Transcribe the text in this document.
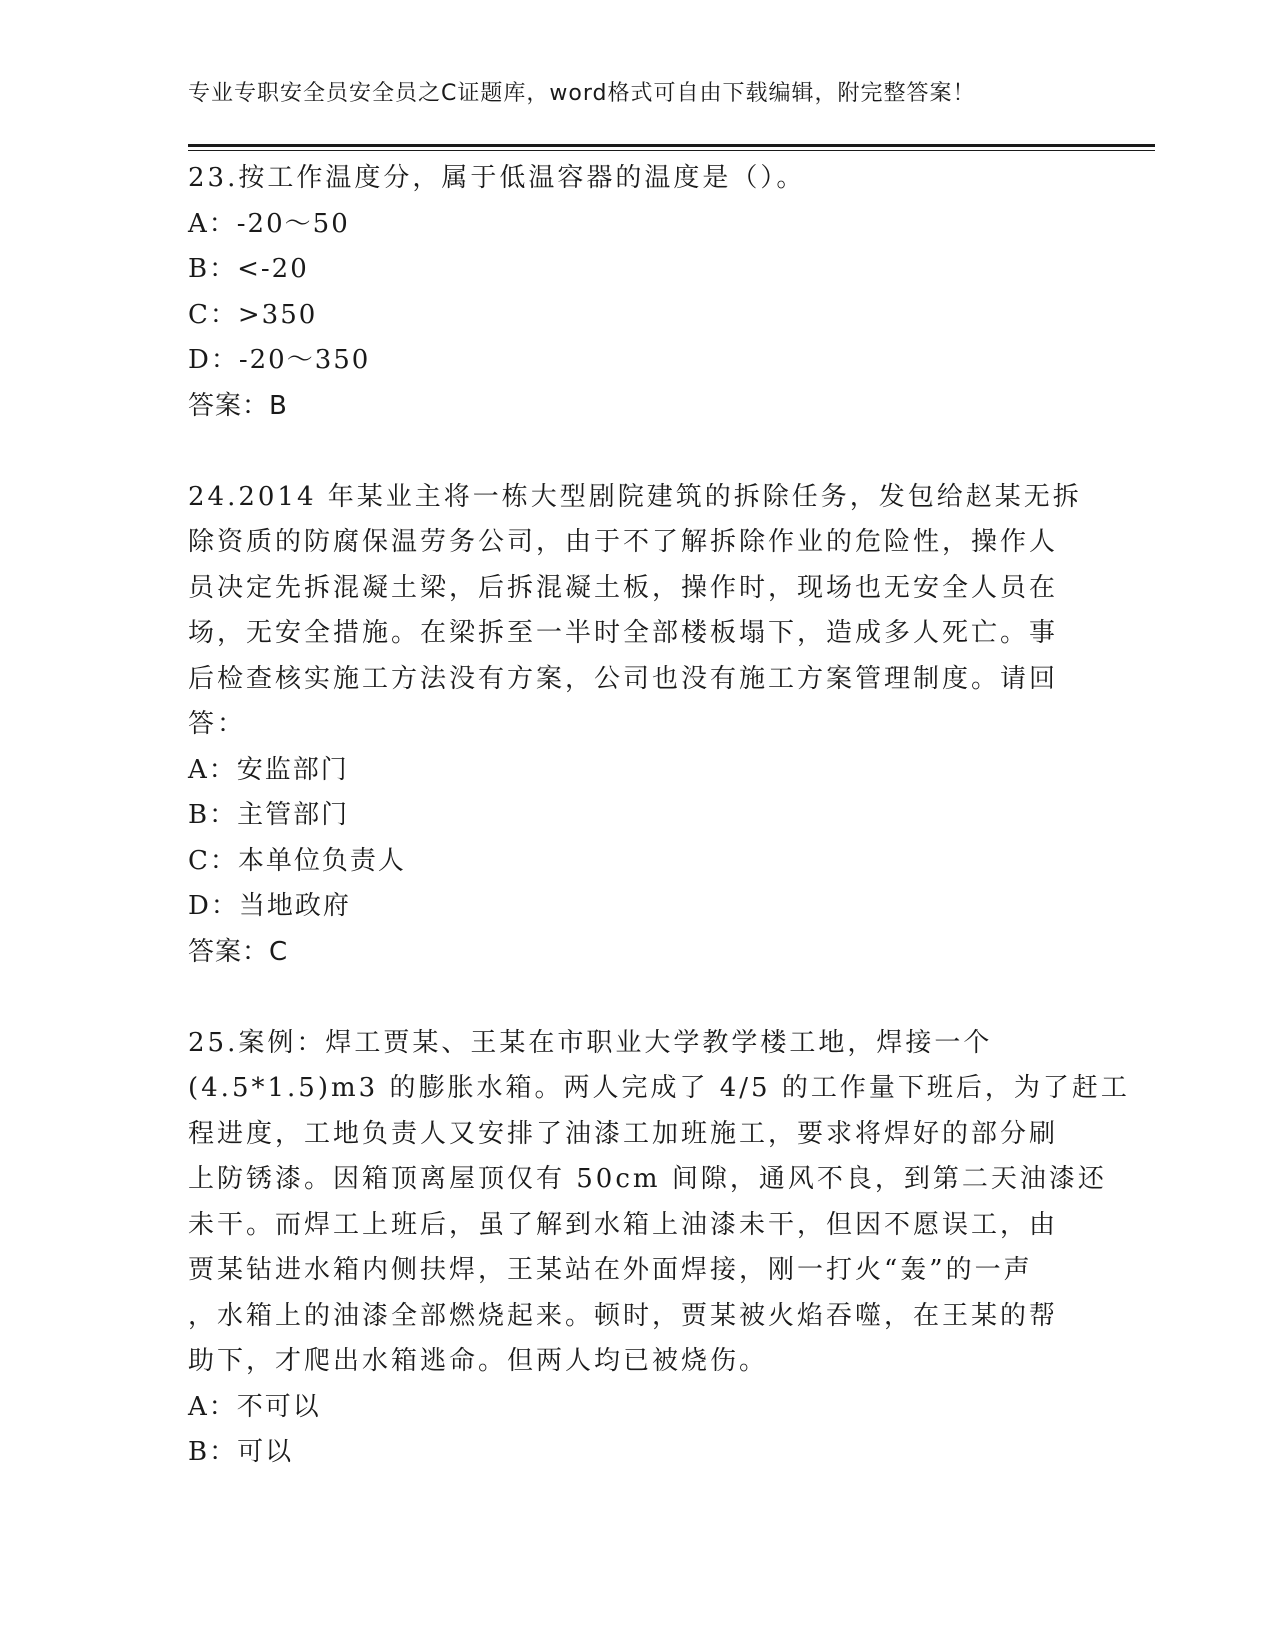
专业专职安全员安全员之C证题库，word格式可自由下载编辑，附完整答案！
23.按工作温度分，属于低温容器的温度是（）。
A：-20～50
B：<-20
C：>350
D：-20～350
答案：B
24.2014 年某业主将一栋大型剧院建筑的拆除任务，发包给赵某无拆
除资质的防腐保温劳务公司，由于不了解拆除作业的危险性，操作人
员决定先拆混凝土梁，后拆混凝土板，操作时，现场也无安全人员在
场，无安全措施。在梁拆至一半时全部楼板塌下，造成多人死亡。事
后检查核实施工方法没有方案，公司也没有施工方案管理制度。请回
答：
A：安监部门
B：主管部门
C：本单位负责人
D：当地政府
答案：C
25.案例：焊工贾某、王某在市职业大学教学楼工地，焊接一个
(4.5*1.5)m3 的膨胀水箱。两人完成了 4/5 的工作量下班后，为了赶工
程进度，工地负责人又安排了油漆工加班施工，要求将焊好的部分刷
上防锈漆。因箱顶离屋顶仅有 50cm 间隙，通风不良，到第二天油漆还
未干。而焊工上班后，虽了解到水箱上油漆未干，但因不愿误工，由
贾某钻进水箱内侧扶焊，王某站在外面焊接，刚一打火“轰”的一声
，水箱上的油漆全部燃烧起来。顿时，贾某被火焰吞噬，在王某的帮
助下，才爬出水箱逃命。但两人均已被烧伤。
A：不可以
B：可以
